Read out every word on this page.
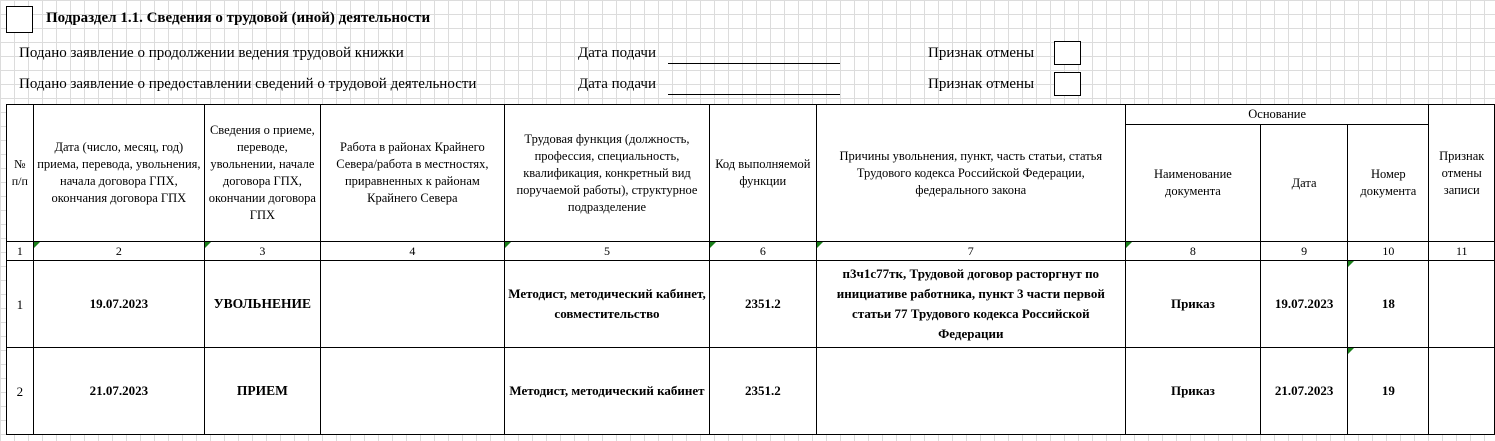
Подраздел 1.1. Сведения о трудовой (иной) деятельности
Подано заявление о продолжении ведения трудовой книжки	Дата подачи	Признак отмены
Подано заявление о предоставлении сведений о трудовой деятельности	Дата подачи	Признак отмены
№ п/п	Дата (число, месяц, год) приема, перевода, увольнения, начала договора ГПХ, окончания договора ГПХ	Сведения о приеме, переводе, увольнении, начале договора ГПХ, окончании договора ГПХ	Работа в районах Крайнего Севера/работа в местностях, приравненных к районам Крайнего Севера	Трудовая функция (должность, профессия, специальность, квалификация, конкретный вид поручаемой работы), структурное подразделение	Код выполняемой функции	Причины увольнения, пункт, часть статьи, статья Трудового кодекса Российской Федерации, федерального закона	Основание			Признак отмены записи
							Наименование документа	Дата	Номер документа	
1	2	3	4	5	6	7	8	9	10	11
1	19.07.2023	УВОЛЬНЕНИЕ		Методист, методический кабинет, совместительство	2351.2	п3ч1с77тк, Трудовой договор расторгнут по инициативе работника, пункт 3 части первой статьи 77 Трудового кодекса Российской Федерации	Приказ	19.07.2023	18	
2	21.07.2023	ПРИЕМ		Методист, методический кабинет	2351.2		Приказ	21.07.2023	19	
